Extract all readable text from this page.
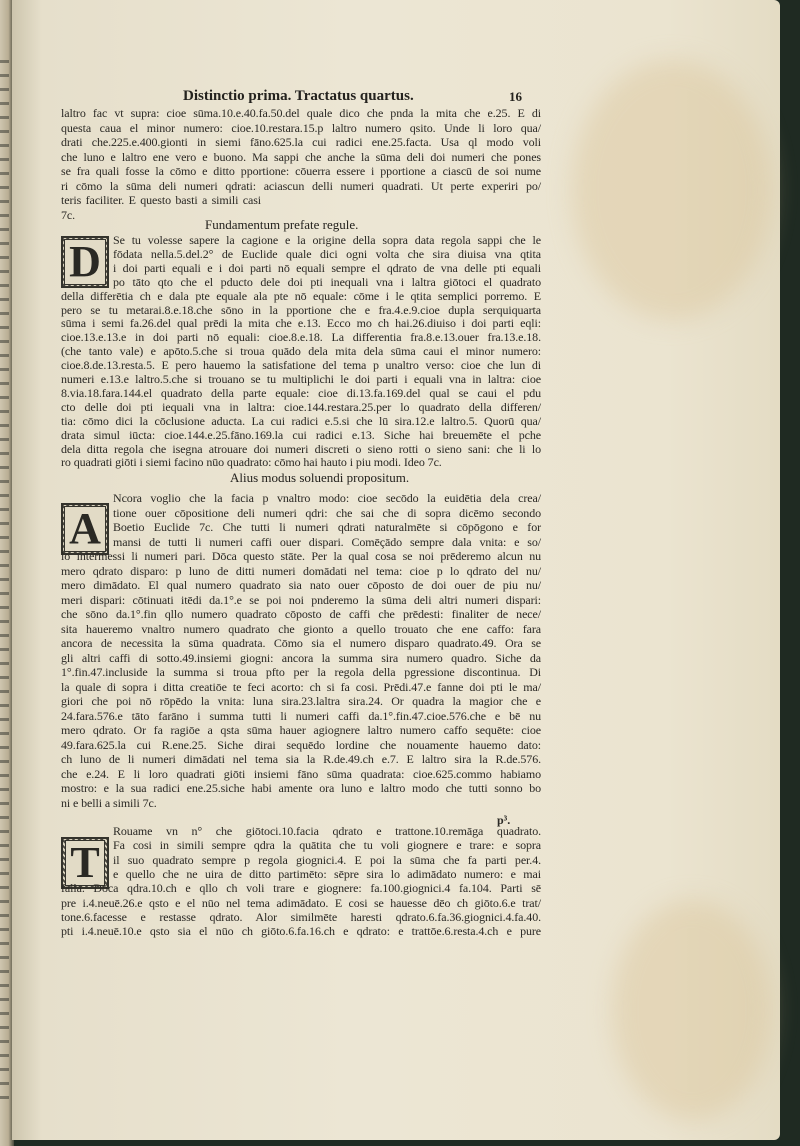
Distinctio prima. Tractatus quartus.	16
laltro fac vt supra: cioe sūma.10.e.40.fa.50.del quale dico che pnda la mita che e.25. E di
questa caua el minor numero: cioe.10.restara.15.p laltro numero qsito. Unde li loro qua/
drati che.225.e.400.gionti in siemi fāno.625.la cui radici ene.25.facta. Usa ql modo voli
che luno e laltro ene vero e buono. Ma sappi che anche la sūma deli doi numeri che pones
se fra quali fosse la cōmo e ditto pportione: cōuerra essere i pportione a ciascū de soi nume
ri cōmo la sūma deli numeri qdrati: aciascun delli numeri quadrati. Ut perte experiri po/
teris faciliter. E questo basti a simili casi 7c.
Fundamentum prefate regule.
D	Se tu volesse sapere la cagione e la origine della sopra data regola sappi che le
fōdata nella.5.del.2° de Euclide quale dici ogni volta che sira diuisa vna qtita
i doi parti equali e i doi parti nō equali sempre el qdrato de vna delle pti equali
po tāto qto che el pducto dele doi pti inequali vna i laltra giōtoci el quadrato
della differētia ch e dala pte equale ala pte nō equale: cōme i le qtita semplici porremo. E
pero se tu metarai.8.e.18.che sōno in la pportione che e fra.4.e.9.cioe dupla serquiquarta
sūma i semi fa.26.del qual prēdi la mita che e.13. Ecco mo ch hai.26.diuiso i doi parti eqli:
cioe.13.e.13.e in doi parti nō equali: cioe.8.e.18. La differentia fra.8.e.13.ouer fra.13.e.18.
(che tanto vale) e apōto.5.che si troua quādo dela mita dela sūma caui el minor numero:
cioe.8.de.13.resta.5. E pero hauemo la satisfatione del tema p unaltro verso: cioe che lun di
numeri e.13.e laltro.5.che si trouano se tu multiplichi le doi parti i equali vna in laltra: cioe
8.via.18.fara.144.el quadrato della parte equale: cioe di.13.fa.169.del qual se caui el pdu
cto delle doi pti iequali vna in laltra: cioe.144.restara.25.per lo quadrato della differen/
tia: cōmo dici la cōclusione aducta. La cui radici e.5.si che lū sira.12.e laltro.5. Quorū qua/
drata simul iūcta: cioe.144.e.25.fāno.169.la cui radici e.13. Siche hai breuemēte el pche
dela ditta regola che isegna atrouare doi numeri discreti o sieno rotti o sieno sani: che li lo
ro quadrati giōti i siemi facino nūo quadrato: cōmo hai hauto i piu modi. Ideo 7c.
Alius modus soluendi propositum.
A
Ncora voglio che la facia p vnaltro modo: cioe secōdo la euidētia dela crea/
tione ouer cōpositione deli numeri qdri: che sai che di sopra dicēmo secondo
Boetio Euclide 7c. Che tutti li numeri qdrati naturalmēte si cōpōgono e for
mansi de tutti li numeri caffi ouer dispari. Comēçādo sempre dala vnita: e so/
lo intermessi li numeri pari. Dōca questo stāte. Per la qual cosa se noi prēderemo alcun nu
mero qdrato disparo: p luno de ditti numeri domādati nel tema: cioe p lo qdrato del nu/
mero dimādato. El qual numero quadrato sia nato ouer cōposto de doi ouer de piu nu/
meri dispari: cōtinuati itēdi da.1°.e se poi noi pnderemo la sūma deli altri numeri dispari:
che sōno da.1°.fin qllo numero quadrato cōposto de caffi che prēdesti: finaliter de nece/
sita haueremo vnaltro numero quadrato che gionto a quello trouato che ene caffo: fara
ancora de necessita la sūma quadrata. Cōmo sia el numero disparo quadrato.49. Ora se
gli altri caffi di sotto.49.insiemi giogni: ancora la summa sira numero quadro. Siche da
1°.fin.47.incluside la summa si troua pfto per la regola della pgressione discontinua. Di
la quale di sopra i ditta creatiōe te feci acorto: ch si fa cosi. Prēdi.47.e fanne doi pti le ma/
giori che poi nō rōpēdo la vnita: luna sira.23.laltra sira.24. Or quadra la magior che e
24.fara.576.e tāto farāno i summa tutti li numeri caffi da.1°.fin.47.cioe.576.che e bē nu
mero qdrato. Or fa ragiōe a qsta sūma hauer agiognere laltro numero caffo sequēte: cioe
49.fara.625.la cui R.ene.25. Siche dirai sequēdo lordine che nouamente hauemo dato:
ch luno de li numeri dimādati nel tema sia la R.de.49.ch e.7. E laltro sira la R.de.576.
che e.24. E li loro quadrati giōti insiemi fāno sūma quadrata: cioe.625.commo habiamo
mostro: e la sua radici ene.25.siche habi amente ora luno e laltro modo che tutti sonno bo
ni e belli a simili 7c.
p³.
T
Rouame vn n° che giōtoci.10.facia qdrato e trattone.10.remāga quadrato.
Fa cosi in simili sempre qdra la quātita che tu voli giognere e trare: e sopra
il suo quadrato sempre p regola giognici.4. E poi la sūma che fa parti per.4.
e quello che ne uira de ditto partimēto: sēpre sira lo adimādato numero: e mai
falla. Dōca qdra.10.ch e qllo ch voli trare e giognere: fa.100.giognici.4 fa.104. Parti sē
pre i.4.neuē.26.e qsto e el nūo nel tema adimādato. E cosi se hauesse dēo ch giōto.6.e trat/
tone.6.facesse e restasse qdrato. Alor similmēte haresti qdrato.6.fa.36.giognici.4.fa.40.
pti i.4.neuē.10.e qsto sia el nūo ch giōto.6.fa.16.ch e qdrato: e trattōe.6.resta.4.ch e pure
